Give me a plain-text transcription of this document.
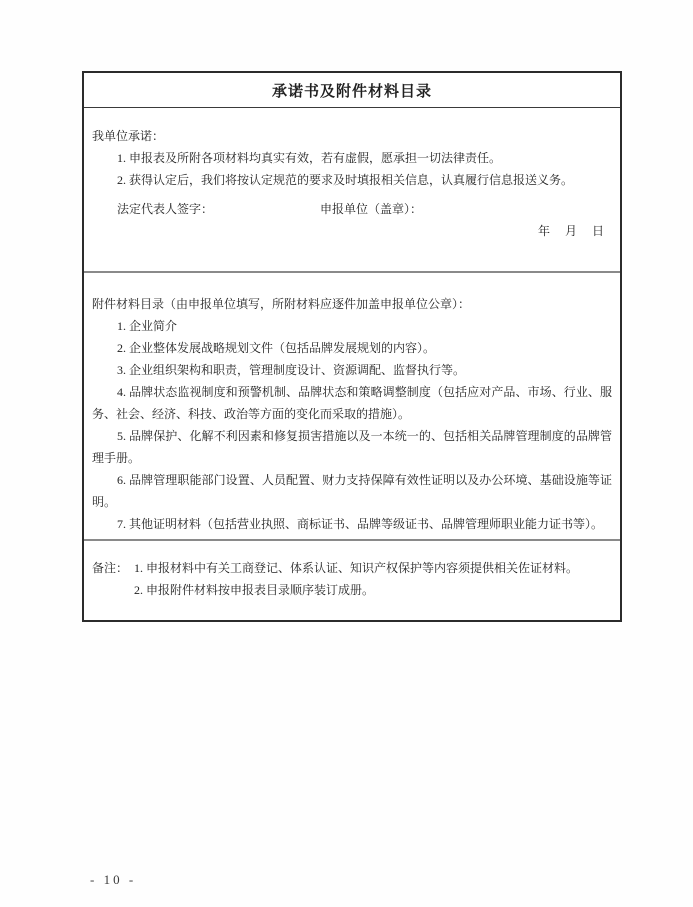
承诺书及附件材料目录

我单位承诺：

1. 申报表及所附各项材料均真实有效，若有虚假，愿承担一切法律责任。

2. 获得认定后，我们将按认定规范的要求及时填报相关信息，认真履行信息报送义务。

法定代表人签字：	申报单位（盖章）：

年　 月　 日

附件材料目录（由申报单位填写，所附材料应逐件加盖申报单位公章）：

1. 企业简介

2. 企业整体发展战略规划文件（包括品牌发展规划的内容）。

3. 企业组织架构和职责，管理制度设计、资源调配、监督执行等。

4. 品牌状态监视制度和预警机制、品牌状态和策略调整制度（包括应对产品、市场、行业、服务、社会、经济、科技、政治等方面的变化而采取的措施）。

5. 品牌保护、化解不利因素和修复损害措施以及一本统一的、包括相关品牌管理制度的品牌管理手册。

6. 品牌管理职能部门设置、人员配置、财力支持保障有效性证明以及办公环境、基础设施等证明。

7. 其他证明材料（包括营业执照、商标证书、品牌等级证书、品牌管理师职业能力证书等）。

备注： 1. 申报材料中有关工商登记、体系认证、知识产权保护等内容须提供相关佐证材料。

2. 申报附件材料按申报表目录顺序装订成册。

- 10 -
